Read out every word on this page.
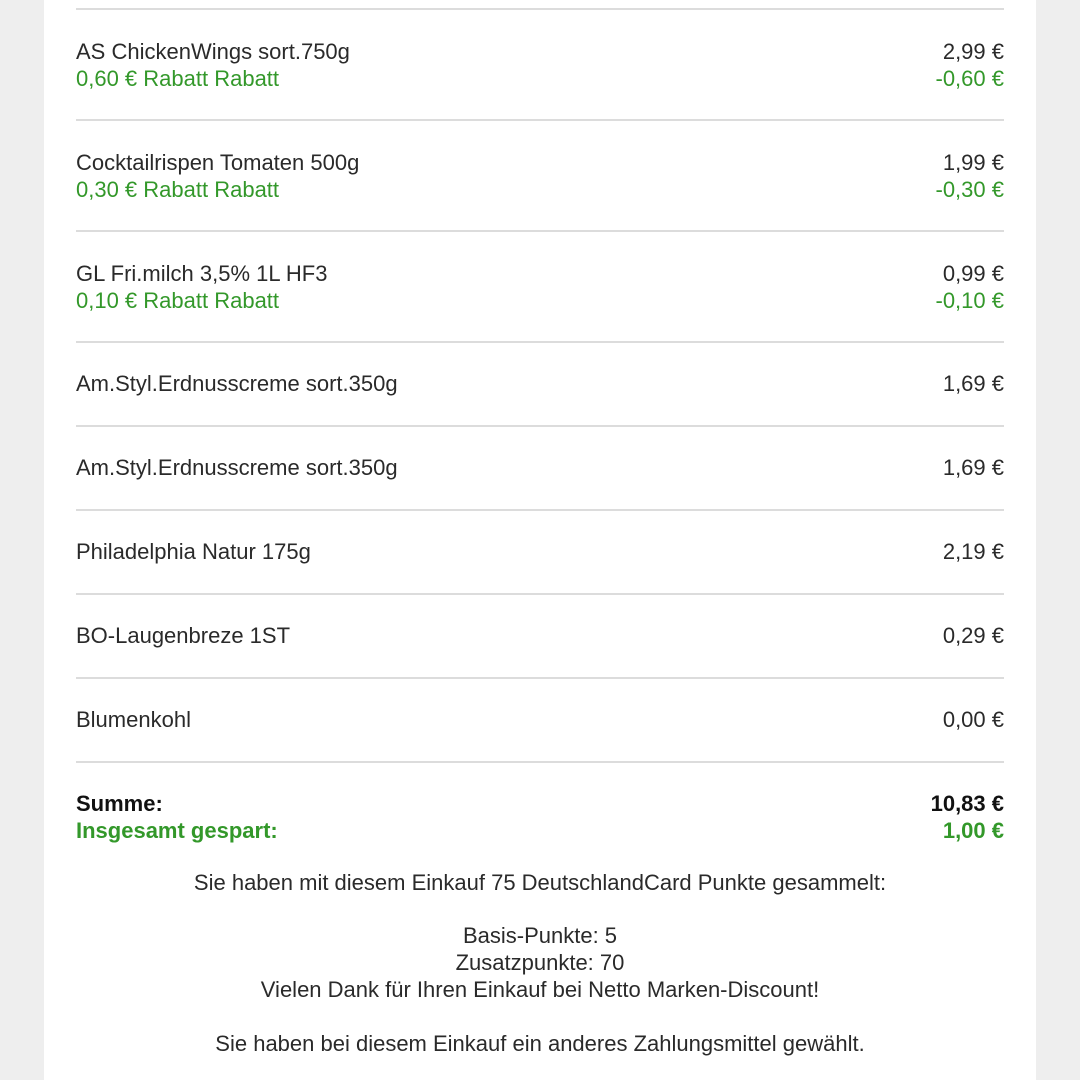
AS ChickenWings sort.750g	2,99 €
0,60 € Rabatt Rabatt	-0,60 €
Cocktailrispen Tomaten 500g	1,99 €
0,30 € Rabatt Rabatt	-0,30 €
GL Fri.milch 3,5% 1L HF3	0,99 €
0,10 € Rabatt Rabatt	-0,10 €
Am.Styl.Erdnusscreme sort.350g	1,69 €
Am.Styl.Erdnusscreme sort.350g	1,69 €
Philadelphia Natur 175g	2,19 €
BO-Laugenbreze 1ST	0,29 €
Blumenkohl	0,00 €
Summe:	10,83 €
Insgesamt gespart:	1,00 €
Sie haben mit diesem Einkauf 75 DeutschlandCard Punkte gesammelt:
Basis-Punkte: 5
Zusatzpunkte: 70
Vielen Dank für Ihren Einkauf bei Netto Marken-Discount!
Sie haben bei diesem Einkauf ein anderes Zahlungsmittel gewählt.
